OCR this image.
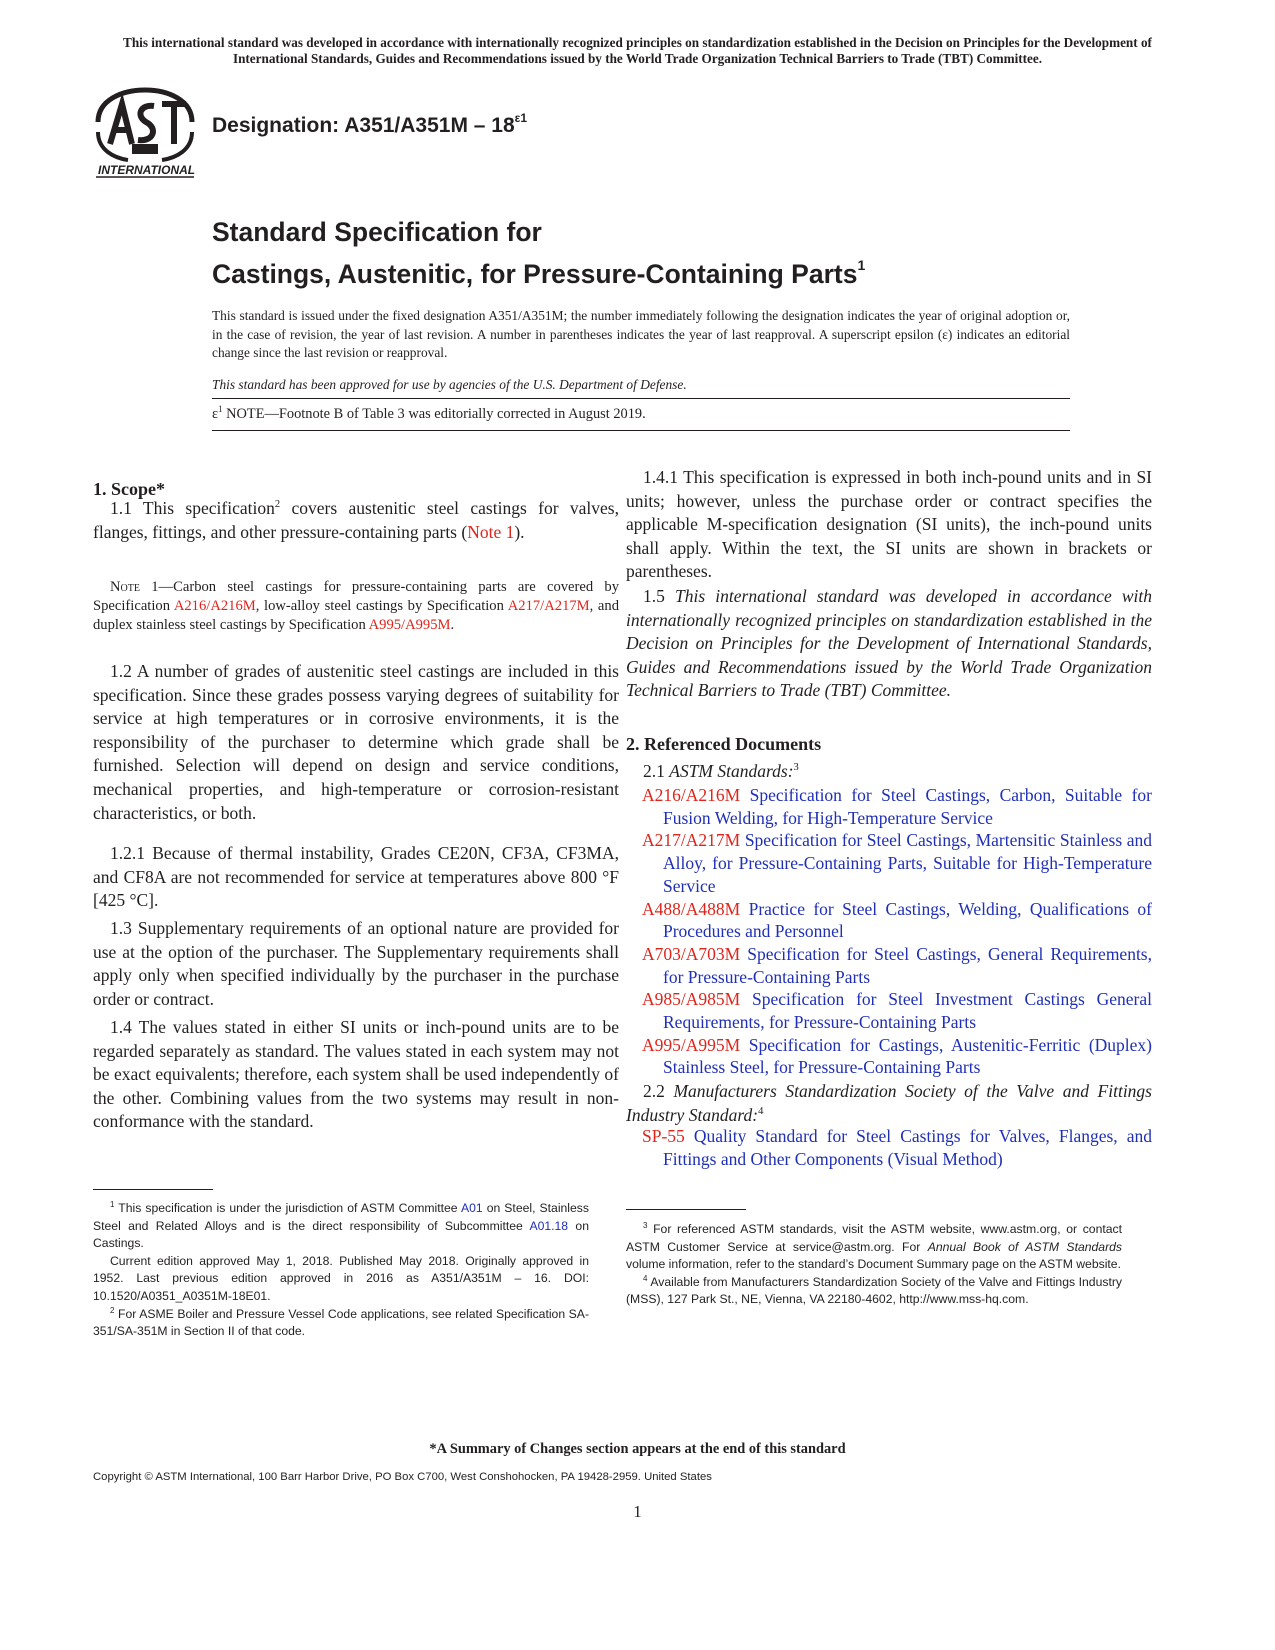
This international standard was developed in accordance with internationally recognized principles on standardization established in the Decision on Principles for the Development of International Standards, Guides and Recommendations issued by the World Trade Organization Technical Barriers to Trade (TBT) Committee.
INTERNATIONAL
Designation: $A351/A351M - 18^{\varepsilon 1}$
Standard Specification for
Castings, Austenitic, for Pressure-Containing Parts$^1$
This standard is issued under the fixed designation A351/A351M; the number immediately following the designation indicates the year of original adoption or, in the case of revision, the year of last revision. A number in parentheses indicates the year of last reapproval. A superscript epsilon (ε) indicates an editorial change since the last revision or reapproval.
This standard has been approved for use by agencies of the U.S. Department of Defense.
$\varepsilon^1$ NOTE—Footnote B of Table 3 was editorially corrected in August 2019.
1. Scope*
1.1 This specification$^2$ covers austenitic steel castings for valves, flanges, fittings, and other pressure-containing parts (Note 1).
Note 1—Carbon steel castings for pressure-containing parts are covered by Specification A216/A216M, low-alloy steel castings by Specification A217/A217M, and duplex stainless steel castings by Specification A995/A995M.
1.2 A number of grades of austenitic steel castings are included in this specification. Since these grades possess varying degrees of suitability for service at high temperatures or in corrosive environments, it is the responsibility of the purchaser to determine which grade shall be furnished. Selection will depend on design and service conditions, mechanical properties, and high-temperature or corrosion-resistant characteristics, or both.
1.2.1 Because of thermal instability, Grades CE20N, CF3A, CF3MA, and CF8A are not recommended for service at temperatures above 800 °F [425 °C].
1.3 Supplementary requirements of an optional nature are provided for use at the option of the purchaser. The Supplementary requirements shall apply only when specified individually by the purchaser in the purchase order or contract.
1.4 The values stated in either SI units or inch-pound units are to be regarded separately as standard. The values stated in each system may not be exact equivalents; therefore, each system shall be used independently of the other. Combining values from the two systems may result in non-conformance with the standard.
1.4.1 This specification is expressed in both inch-pound units and in SI units; however, unless the purchase order or contract specifies the applicable M-specification designation (SI units), the inch-pound units shall apply. Within the text, the SI units are shown in brackets or parentheses.
1.5 This international standard was developed in accordance with internationally recognized principles on standardization established in the Decision on Principles for the Development of International Standards, Guides and Recommendations issued by the World Trade Organization Technical Barriers to Trade (TBT) Committee.
2. Referenced Documents
2.1 ASTM Standards:$^3$
A216/A216M Specification for Steel Castings, Carbon, Suitable for Fusion Welding, for High-Temperature Service
A217/A217M Specification for Steel Castings, Martensitic Stainless and Alloy, for Pressure-Containing Parts, Suitable for High-Temperature Service
A488/A488M Practice for Steel Castings, Welding, Qualifications of Procedures and Personnel
A703/A703M Specification for Steel Castings, General Requirements, for Pressure-Containing Parts
A985/A985M Specification for Steel Investment Castings General Requirements, for Pressure-Containing Parts
A995/A995M Specification for Castings, Austenitic-Ferritic (Duplex) Stainless Steel, for Pressure-Containing Parts
2.2 Manufacturers Standardization Society of the Valve and Fittings Industry Standard:$^4$
SP-55 Quality Standard for Steel Castings for Valves, Flanges, and Fittings and Other Components (Visual Method)

$^1$ This specification is under the jurisdiction of ASTM Committee A01 on Steel, Stainless Steel and Related Alloys and is the direct responsibility of Subcommittee A01.18 on Castings.

Current edition approved May 1, 2018. Published May 2018. Originally approved in 1952. Last previous edition approved in 2016 as A351/A351M – 16. DOI: 10.1520/A0351_A0351M-18E01.

$^2$ For ASME Boiler and Pressure Vessel Code applications, see related Specification SA-351/SA-351M in Section II of that code.

$^3$ For referenced ASTM standards, visit the ASTM website, www.astm.org, or contact ASTM Customer Service at service@astm.org. For Annual Book of ASTM Standards volume information, refer to the standard’s Document Summary page on the ASTM website.

$^4$ Available from Manufacturers Standardization Society of the Valve and Fittings Industry (MSS), 127 Park St., NE, Vienna, VA 22180-4602, http://www.mss-hq.com.

*A Summary of Changes section appears at the end of this standard
Copyright © ASTM International, 100 Barr Harbor Drive, PO Box C700, West Conshohocken, PA 19428-2959. United States
1
